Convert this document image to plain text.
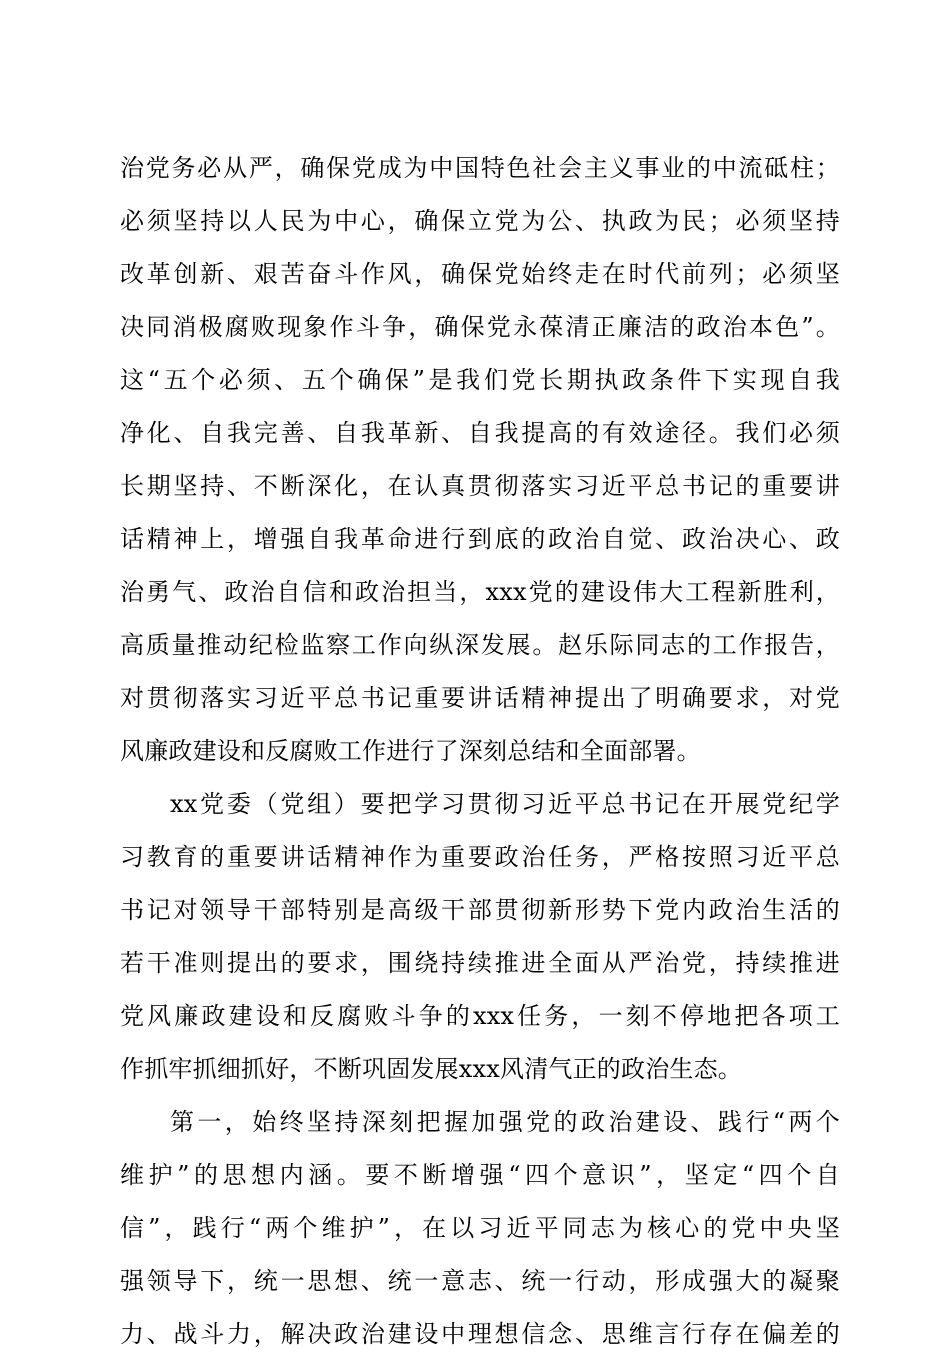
治党务必从严，确保党成为中国特色社会主义事业的中流砥柱；
必须坚持以人民为中心，确保立党为公、执政为民；必须坚持
改革创新、艰苦奋斗作风，确保党始终走在时代前列；必须坚
决同消极腐败现象作斗争，确保党永葆清正廉洁的政治本色”。
这“五个必须、五个确保”是我们党长期执政条件下实现自我
净化、自我完善、自我革新、自我提高的有效途径。我们必须
长期坚持、不断深化，在认真贯彻落实习近平总书记的重要讲
话精神上，增强自我革命进行到底的政治自觉、政治决心、政
治勇气、政治自信和政治担当，xxx党的建设伟大工程新胜利，
高质量推动纪检监察工作向纵深发展。赵乐际同志的工作报告，
对贯彻落实习近平总书记重要讲话精神提出了明确要求，对党
风廉政建设和反腐败工作进行了深刻总结和全面部署。
xx党委（党组）要把学习贯彻习近平总书记在开展党纪学
习教育的重要讲话精神作为重要政治任务，严格按照习近平总
书记对领导干部特别是高级干部贯彻新形势下党内政治生活的
若干准则提出的要求，围绕持续推进全面从严治党，持续推进
党风廉政建设和反腐败斗争的xxx任务，一刻不停地把各项工
作抓牢抓细抓好，不断巩固发展xxx风清气正的政治生态。
第一，始终坚持深刻把握加强党的政治建设、践行“两个
维护”的思想内涵。要不断增强“四个意识”，坚定“四个自
信”，践行“两个维护”，在以习近平同志为核心的党中央坚
强领导下，统一思想、统一意志、统一行动，形成强大的凝聚
力、战斗力，解决政治建设中理想信念、思维言行存在偏差的
